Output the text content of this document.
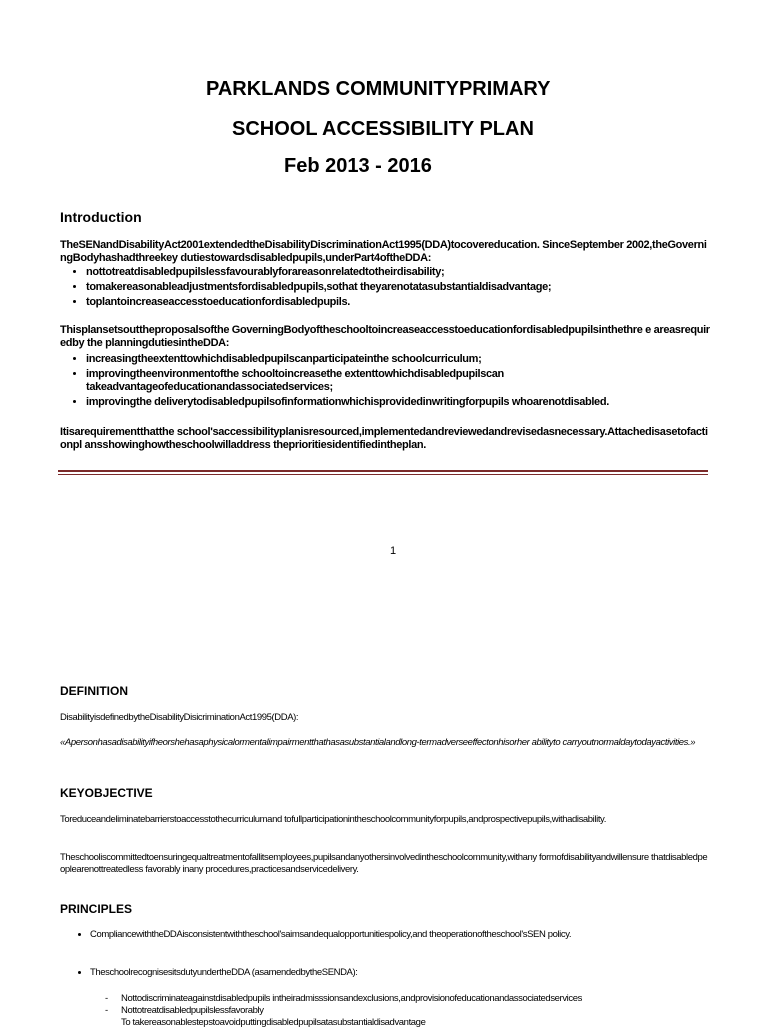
PARKLANDS COMMUNITYPRIMARY
SCHOOL ACCESSIBILITY PLAN
Feb 2013 - 2016
Introduction
TheSENandDisabilityAct2001extendedtheDisabilityDiscriminationAct1995(DDA)tocovereducation. SinceSeptember 2002,theGoverningBodyhashadthreekey dutiestowardsdisabledpupils,underPart4oftheDDA:
• nottotreatdisabledpupilslessfavourablyforareasonrelatedtotheirdisability;
• tomakereasonableadjustmentsfordisabledpupils,sothat theyarenotatasubstantialdisadvantage;
• toplantoincreaseaccesstoeducationfordisabledpupils.
Thisplansetsouttheproposalsofthe GoverningBodyoftheschooltoincreaseaccesstoeducationfordisabledpupilsinthethre e areasrequiredby the planningdutiesintheDDA:
• increasingtheextenttowhichdisabledpupilscanparticipateinthe schoolcurriculum;
• improvingtheenvironmentofthe schooltoincreasethe extenttowhichdisabledpupilscan takeadvantageofeducationandassociatedservices;
• improvingthe deliverytodisabledpupilsofinformationwhichisprovidedinwritingforpupils whoarenotdisabled.
Itisarequirementthatthe school'saccessibilityplanisresourced,implementedandreviewedandrevisedasnecessary.Attachedisasetofactionpl ansshowinghowtheschoolwilladdress theprioritiesidentifiedintheplan.
1
DEFINITION
DisabilityisdefinedbytheDisabilityDisicriminationAct1995(DDA):
«Apersonhasadisabilityifheorshehasaphysicalormentalimpairmentthathasasubstantialandlong-termadverseeffectonhisorher abilityto carryoutnormaldaytodayactivities.»
KEYOBJECTIVE
Toreduceandeliminatebarrierstoaccesstothecurriculumand tofullparticipationintheschoolcommunityforpupils,andprospectivepupils,withadisability.
Theschooliscommittedtoensuringequaltreatmentofallitsemployees,pupilsandanyothersinvolvedintheschoolcommunity,withany formofdisabilityandwillensure thatdisabledpeoplearenottreatedless favorably inany procedures,practicesandservicedelivery.
PRINCIPLES
• CompliancewiththeDDAisconsistentwiththeschool'saimsandequalopportunitiespolicy,and theoperationoftheschool'sSEN policy.
• TheschoolrecognisesitsdutyundertheDDA (asamendedbytheSENDA):
- Nottodiscriminateagainstdisabledpupils intheiradmisssionsandexclusions,andprovisionofeducationandassociatedservices
- Nottotreatdisabledpupilslessfavorably
To takereasonablestepstoavoidputtingdisabledpupilsatasubstantialdisadvantage
